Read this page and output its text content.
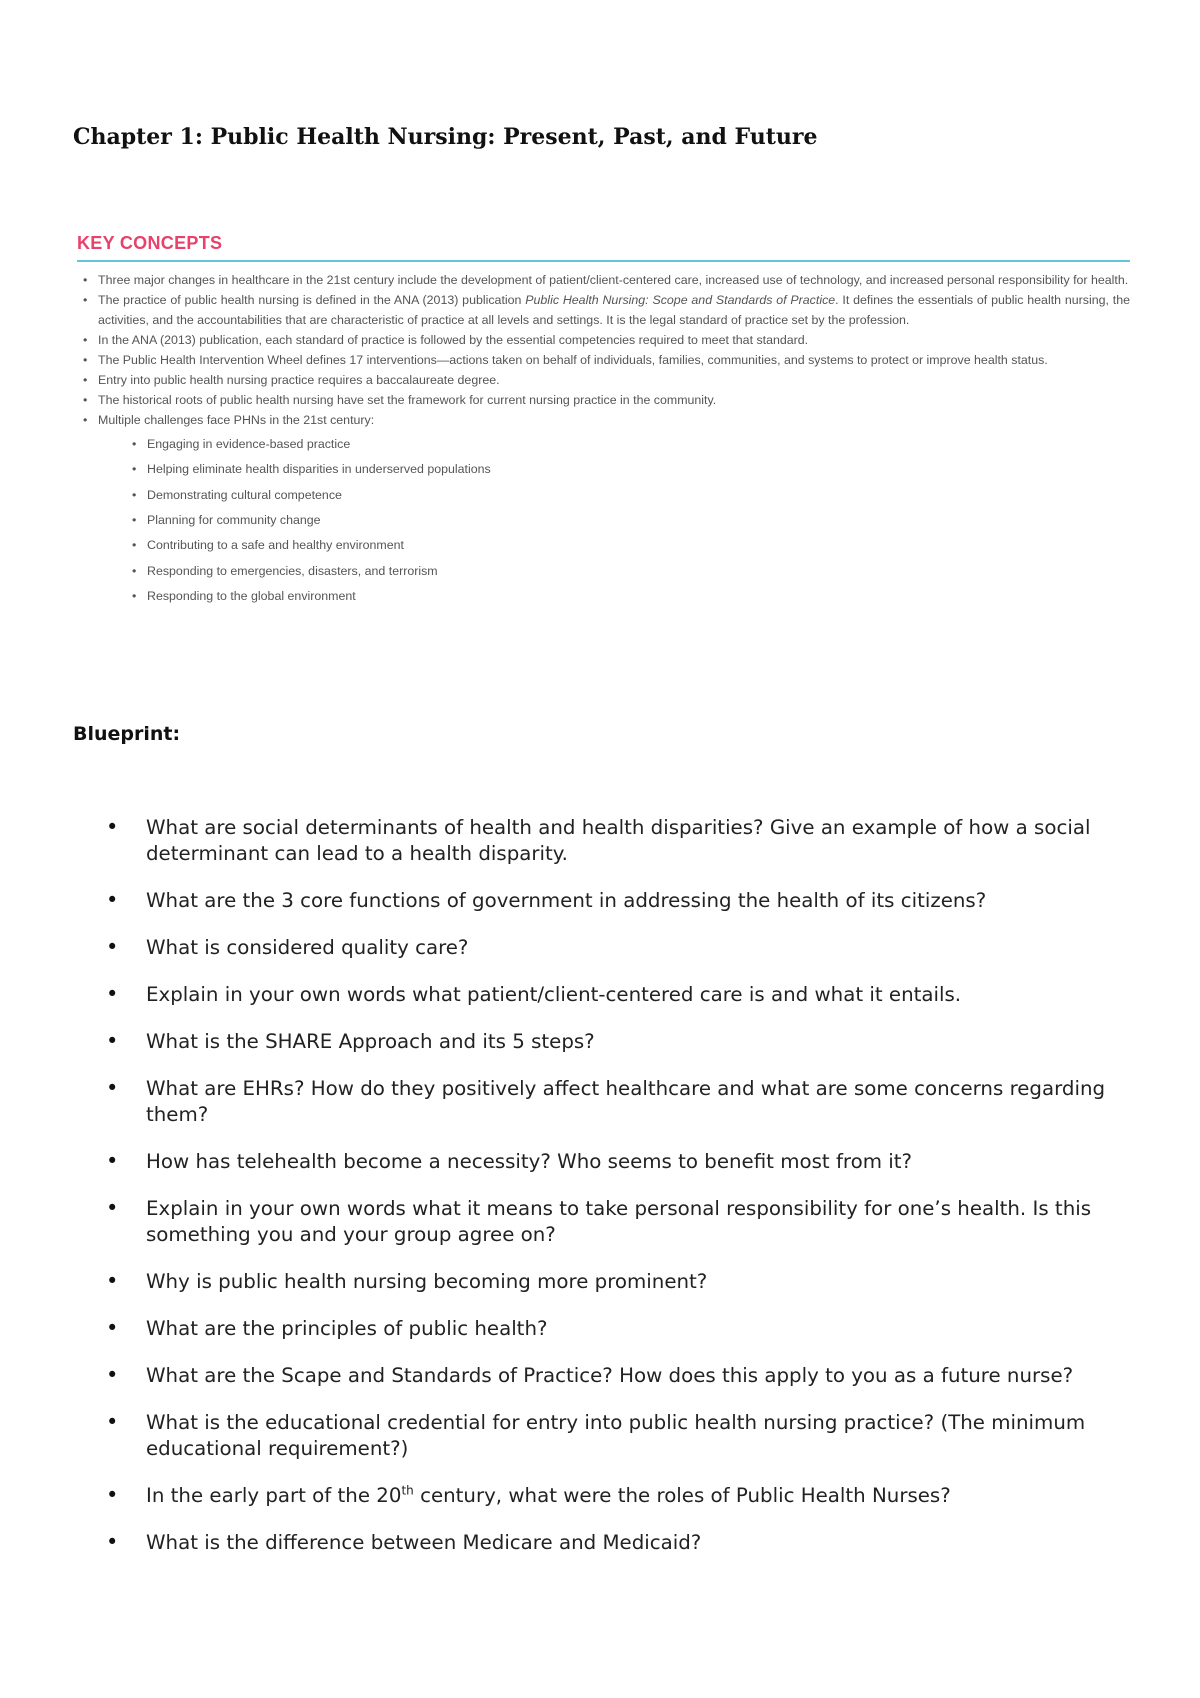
Chapter 1: Public Health Nursing: Present, Past, and Future
KEY CONCEPTS
• Three major changes in healthcare in the 21st century include the development of patient/client-centered care, increased use of technology, and increased personal responsibility for health.
• The practice of public health nursing is defined in the ANA (2013) publication Public Health Nursing: Scope and Standards of Practice. It defines the essentials of public health nursing, the activities, and the accountabilities that are characteristic of practice at all levels and settings. It is the legal standard of practice set by the profession.
• In the ANA (2013) publication, each standard of practice is followed by the essential competencies required to meet that standard.
• The Public Health Intervention Wheel defines 17 interventions—actions taken on behalf of individuals, families, communities, and systems to protect or improve health status.
• Entry into public health nursing practice requires a baccalaureate degree.
• The historical roots of public health nursing have set the framework for current nursing practice in the community.
• Multiple challenges face PHNs in the 21st century:
• Engaging in evidence-based practice
• Helping eliminate health disparities in underserved populations
• Demonstrating cultural competence
• Planning for community change
• Contributing to a safe and healthy environment
• Responding to emergencies, disasters, and terrorism
• Responding to the global environment
Blueprint:
• What are social determinants of health and health disparities? Give an example of how a social determinant can lead to a health disparity.
• What are the 3 core functions of government in addressing the health of its citizens?
• What is considered quality care?
• Explain in your own words what patient/client-centered care is and what it entails.
• What is the SHARE Approach and its 5 steps?
• What are EHRs? How do they positively affect healthcare and what are some concerns regarding them?
• How has telehealth become a necessity? Who seems to benefit most from it?
• Explain in your own words what it means to take personal responsibility for one’s health. Is this something you and your group agree on?
• Why is public health nursing becoming more prominent?
• What are the principles of public health?
• What are the Scape and Standards of Practice? How does this apply to you as a future nurse?
• What is the educational credential for entry into public health nursing practice? (The minimum educational requirement?)
• In the early part of the 20th century, what were the roles of Public Health Nurses?
• What is the difference between Medicare and Medicaid?
